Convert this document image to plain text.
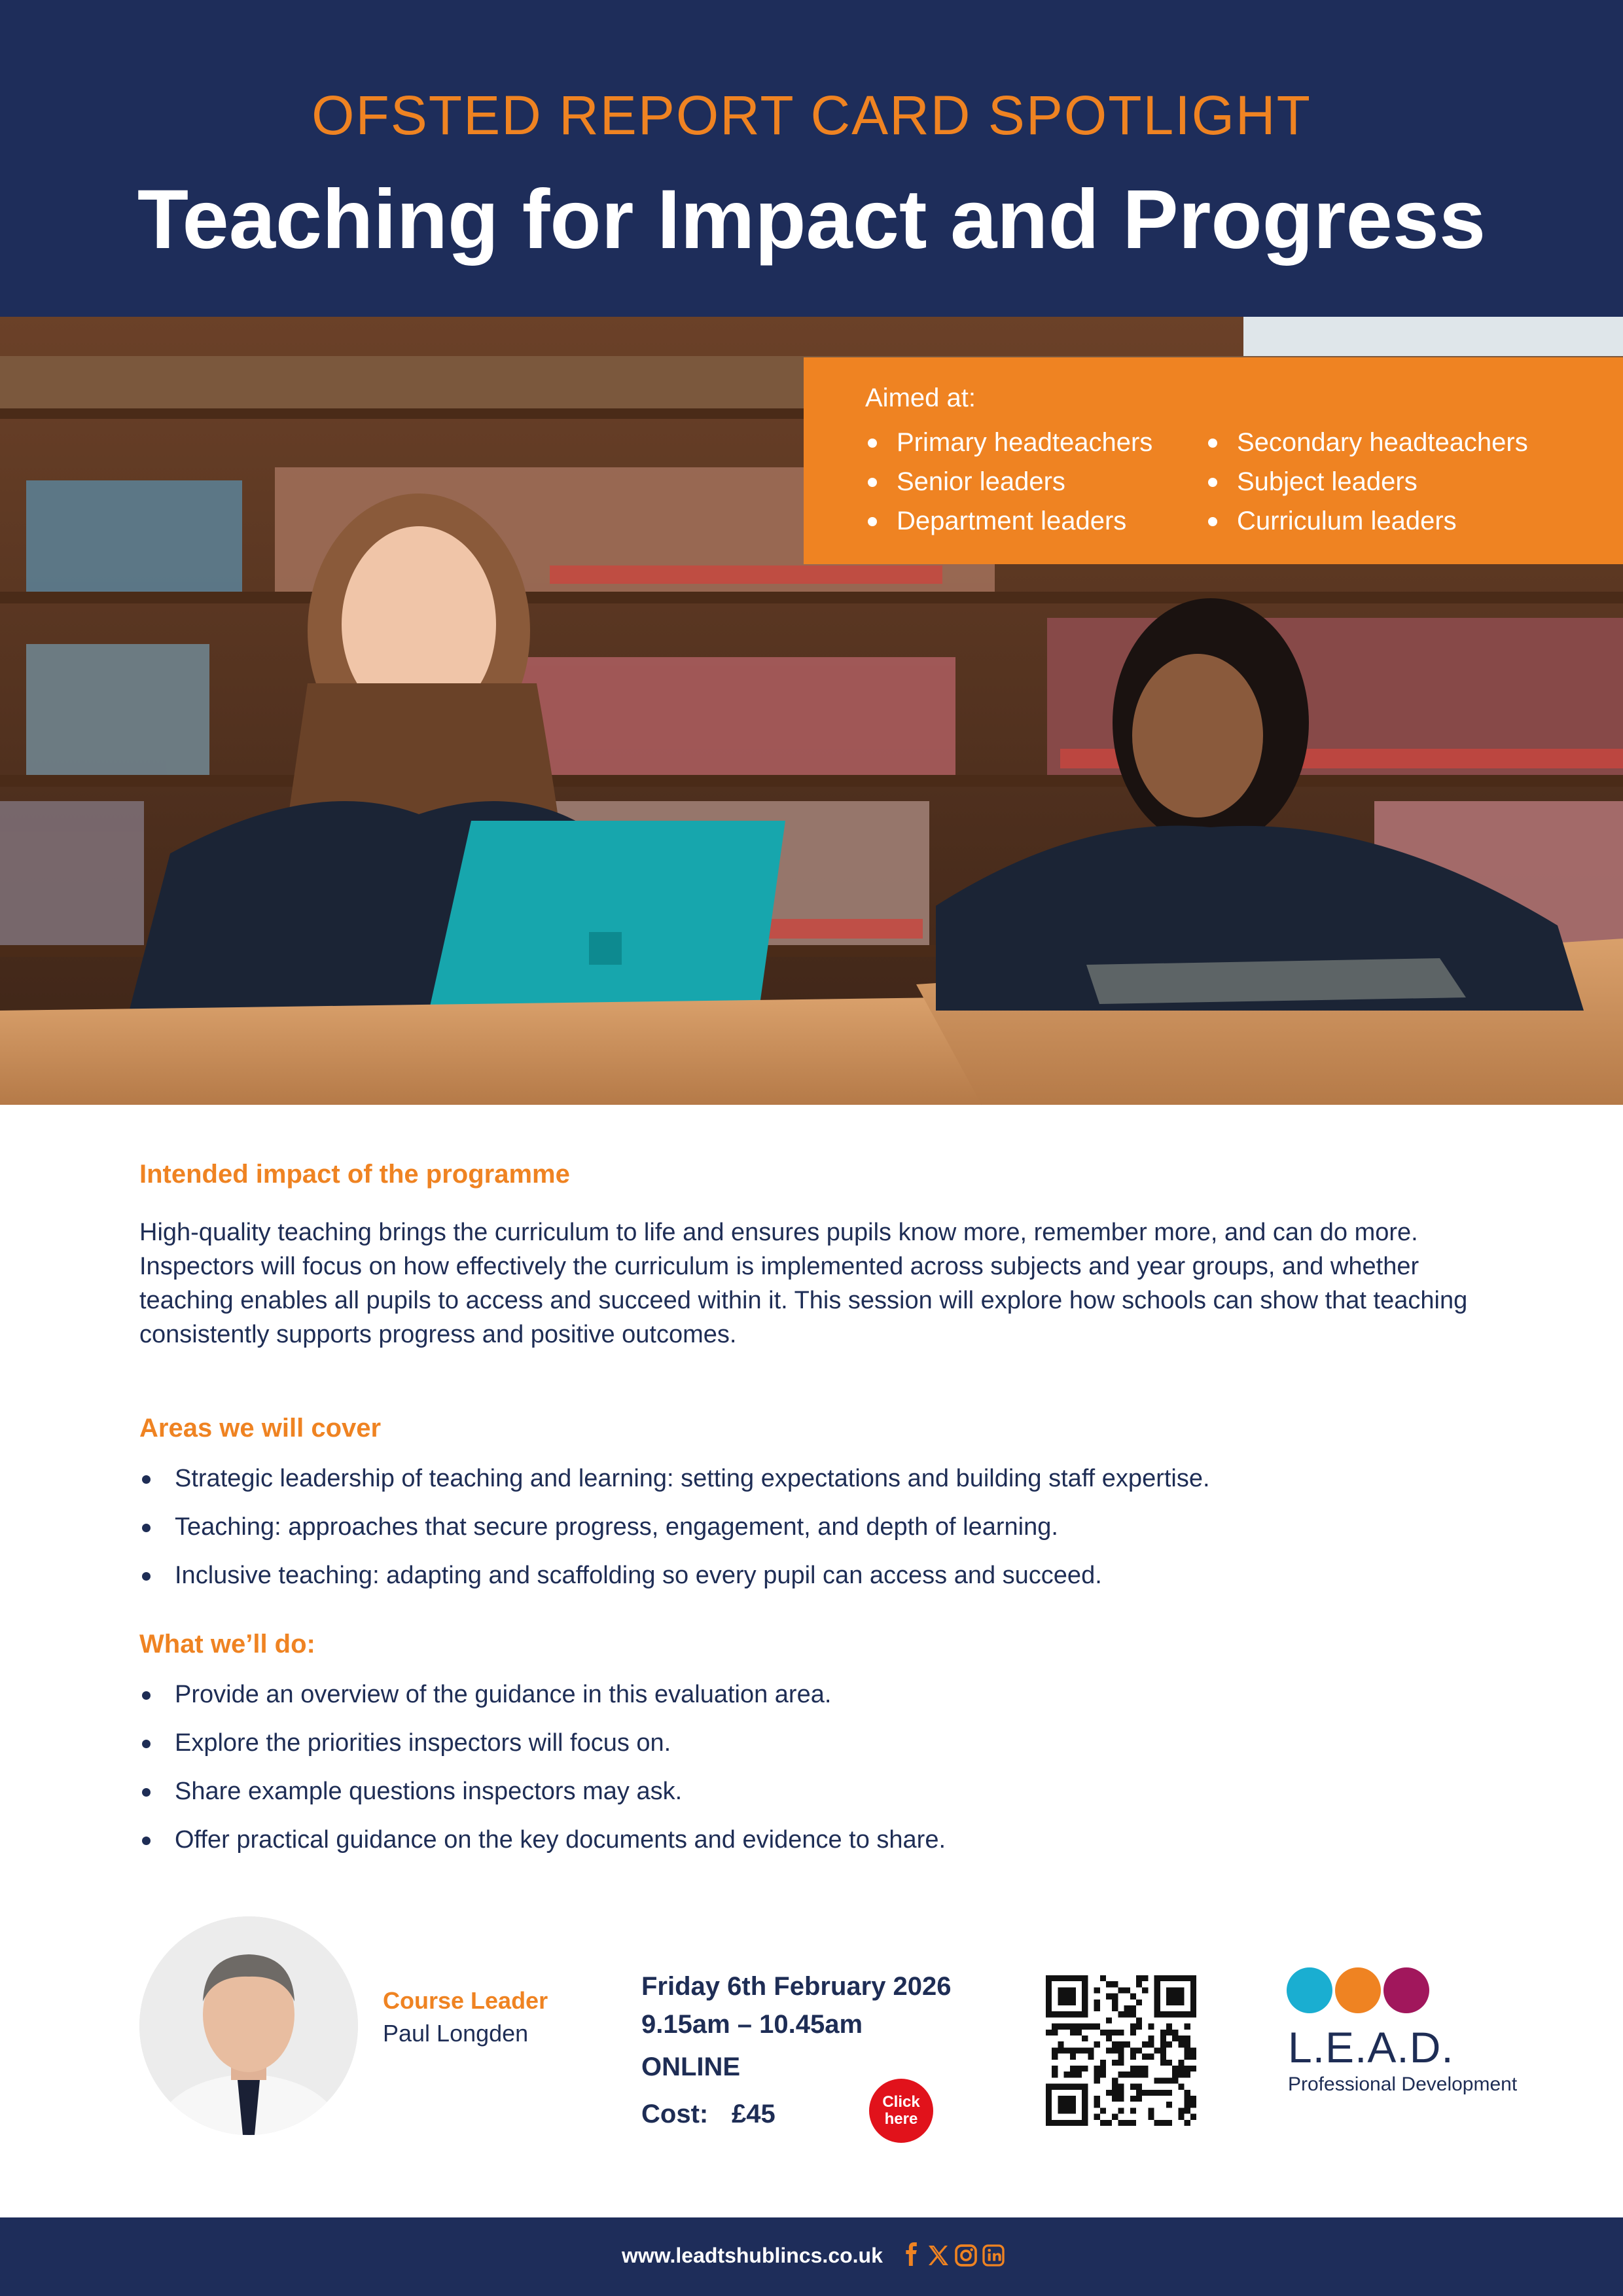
OFSTED REPORT CARD SPOTLIGHT
Teaching for Impact and Progress
Aimed at:
Primary headteachers
Senior leaders
Department leaders
Secondary headteachers
Subject leaders
Curriculum leaders
Intended impact of the programme
High-quality teaching brings the curriculum to life and ensures pupils know more, remember more, and can do more. Inspectors will focus on how effectively the curriculum is implemented across subjects and year groups, and whether teaching enables all pupils to access and succeed within it. This session will explore how schools can show that teaching consistently supports progress and positive outcomes.
Areas we will cover
Strategic leadership of teaching and learning: setting expectations and building staff expertise.
Teaching: approaches that secure progress, engagement, and depth of learning.
Inclusive teaching: adapting and scaffolding so every pupil can access and succeed.
What we’ll do:
Provide an overview of the guidance in this evaluation area.
Explore the priorities inspectors will focus on.
Share example questions inspectors may ask.
Offer practical guidance on the key documents and evidence to share.
Course Leader
Paul Longden
Friday 6th February 2026
9.15am – 10.45am
ONLINE
Cost: £45	Click
here
L.E.A.D.
Professional Development
www.leadtshublincs.co.uk
